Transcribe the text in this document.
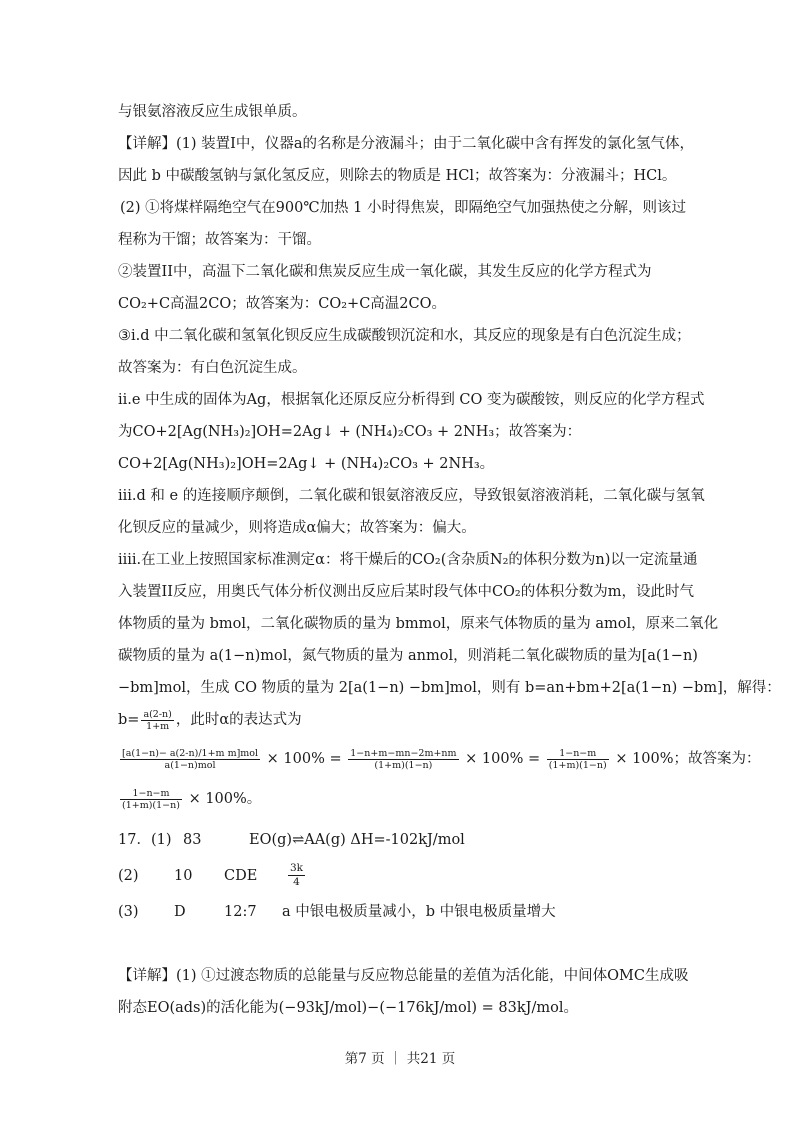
与银氨溶液反应生成银单质。
【详解】(1) 装置I中，仪器a的名称是分液漏斗；由于二氧化碳中含有挥发的氯化氢气体，
因此 b 中碳酸氢钠与氯化氢反应，则除去的物质是 HCl；故答案为：分液漏斗；HCl。
(2) ①将煤样隔绝空气在900℃加热 1 小时得焦炭，即隔绝空气加强热使之分解，则该过
程称为干馏；故答案为：干馏。
②装置II中，高温下二氧化碳和焦炭反应生成一氧化碳，其发生反应的化学方程式为
CO₂+C高温2CO；故答案为：CO₂+C高温2CO。
③i.d 中二氧化碳和氢氧化钡反应生成碳酸钡沉淀和水，其反应的现象是有白色沉淀生成；
故答案为：有白色沉淀生成。
ii.e 中生成的固体为Ag，根据氧化还原反应分析得到 CO 变为碳酸铵，则反应的化学方程式
为CO+2[Ag(NH₃)₂]OH=2Ag↓ + (NH₄)₂CO₃ + 2NH₃；故答案为：
CO+2[Ag(NH₃)₂]OH=2Ag↓ + (NH₄)₂CO₃ + 2NH₃。
iii.d 和 e 的连接顺序颠倒，二氧化碳和银氨溶液反应，导致银氨溶液消耗，二氧化碳与氢氧
化钡反应的量减少，则将造成α偏大；故答案为：偏大。
iiii.在工业上按照国家标准测定α：将干燥后的CO₂(含杂质N₂的体积分数为n)以一定流量通
入装置II反应，用奥氏气体分析仪测出反应后某时段气体中CO₂的体积分数为m，设此时气
体物质的量为 bmol，二氧化碳物质的量为 bmmol，原来气体物质的量为 amol，原来二氧化
碳物质的量为 a(1−n)mol，氮气物质的量为 anmol，则消耗二氧化碳物质的量为[a(1−n)
−bm]mol，生成 CO 物质的量为 2[a(1−n) −bm]mol，则有 b=an+bm+2[a(1−n) −bm]，解得：
$b= \frac{a(2-n)}{1+m}$ ，此时α的表达式为
$\frac{\text{[a(1−n)− a(2-n)/1+m m]mol}}{\text{a(1−n)mol}} \times 100\% = \frac{1-n+m-mn-2m+nm}{(1+m)(1-n)} \times 100\% = \frac{1-n-m}{(1+m)(1-n)} \times 100\%$；故答案为：
$\frac{1-n-m}{(1+m)(1-n)} \times 100\%$。
17．(1) 83	EO(g)⇌AA(g) ΔH=-102kJ/mol
(2) 10 CDE	$\frac{3k}{4}$
(3) D	12:7 a 中银电极质量减小，b 中银电极质量增大
【详解】(1) ①过渡态物质的总能量与反应物总能量的差值为活化能，中间体OMC生成吸
附态EO(ads)的活化能为(−93kJ/mol)−(−176kJ/mol) = 83kJ/mol。
第7 页 ｜ 共21 页
